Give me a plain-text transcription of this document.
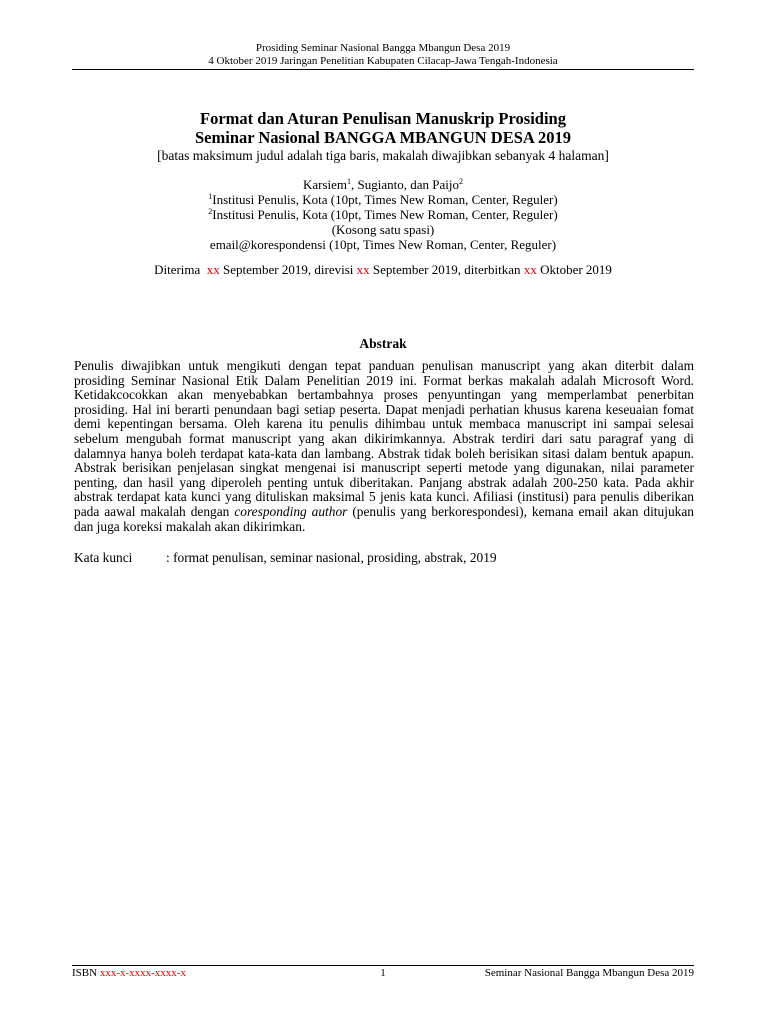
Prosiding Seminar Nasional Bangga Mbangun Desa 2019
4 Oktober 2019 Jaringan Penelitian Kabupaten Cilacap-Jawa Tengah-Indonesia
Format dan Aturan Penulisan Manuskrip Prosiding
Seminar Nasional BANGGA MBANGUN DESA 2019
[batas maksimum judul adalah tiga baris, makalah diwajibkan sebanyak 4 halaman]
Karsiem$^1$, Sugianto, dan Paijo$^2$
$^1$Institusi Penulis, Kota (10pt, Times New Roman, Center, Reguler)
$^2$Institusi Penulis, Kota (10pt, Times New Roman, Center, Reguler)
(Kosong satu spasi)
email@korespondensi (10pt, Times New Roman, Center, Reguler)
Diterima xx September 2019, direvisi xx September 2019, diterbitkan xx Oktober 2019
Abstrak
Penulis diwajibkan untuk mengikuti dengan tepat panduan penulisan manuscript yang akan diterbit dalam prosiding Seminar Nasional Etik Dalam Penelitian 2019 ini. Format berkas makalah adalah Microsoft Word. Ketidakcocokkan akan menyebabkan bertambahnya proses penyuntingan yang memperlambat penerbitan prosiding. Hal ini berarti penundaan bagi setiap peserta. Dapat menjadi perhatian khusus karena keseuaian fomat demi kepentingan bersama. Oleh karena itu penulis dihimbau untuk membaca manuscript ini sampai selesai sebelum mengubah format manuscript yang akan dikirimkannya. Abstrak terdiri dari satu paragraf yang di dalamnya hanya boleh terdapat kata-kata dan lambang. Abstrak tidak boleh berisikan sitasi dalam bentuk apapun. Abstrak berisikan penjelasan singkat mengenai isi manuscript seperti metode yang digunakan, nilai parameter penting, dan hasil yang diperoleh penting untuk diberitakan. Panjang abstrak adalah 200-250 kata. Pada akhir abstrak terdapat kata kunci yang dituliskan maksimal 5 jenis kata kunci. Afiliasi (institusi) para penulis diberikan pada aawal makalah dengan coresponding author (penulis yang berkorespondesi), kemana email akan ditujukan dan juga koreksi makalah akan dikirimkan.
Kata kunci	: format penulisan, seminar nasional, prosiding, abstrak, 2019
ISBN xxx-x-xxxx-xxxx-x	1	Seminar Nasional Bangga Mbangun Desa 2019
